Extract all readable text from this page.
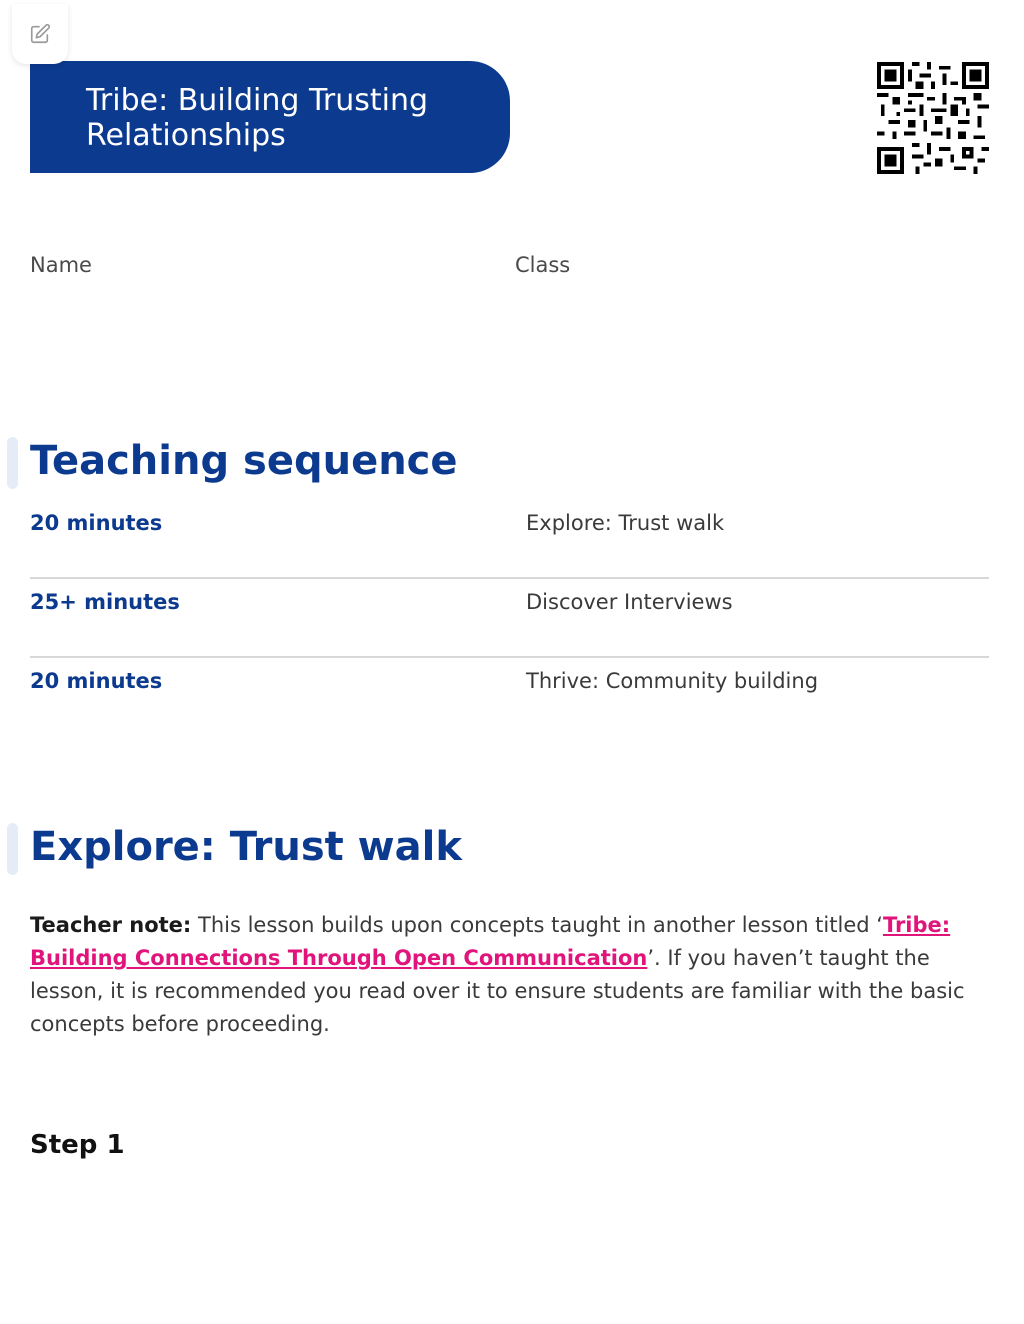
Tribe: Building Trusting Relationships
Name	Class
Teaching sequence
20 minutes	Explore: Trust walk
25+ minutes	Discover Interviews
20 minutes	Thrive: Community building
Explore: Trust walk
Teacher note: This lesson builds upon concepts taught in another lesson titled ‘Tribe: Building Connections Through Open Communication’. If you haven’t taught the lesson, it is recommended you read over it to ensure students are familiar with the basic concepts before proceeding.
Step 1
